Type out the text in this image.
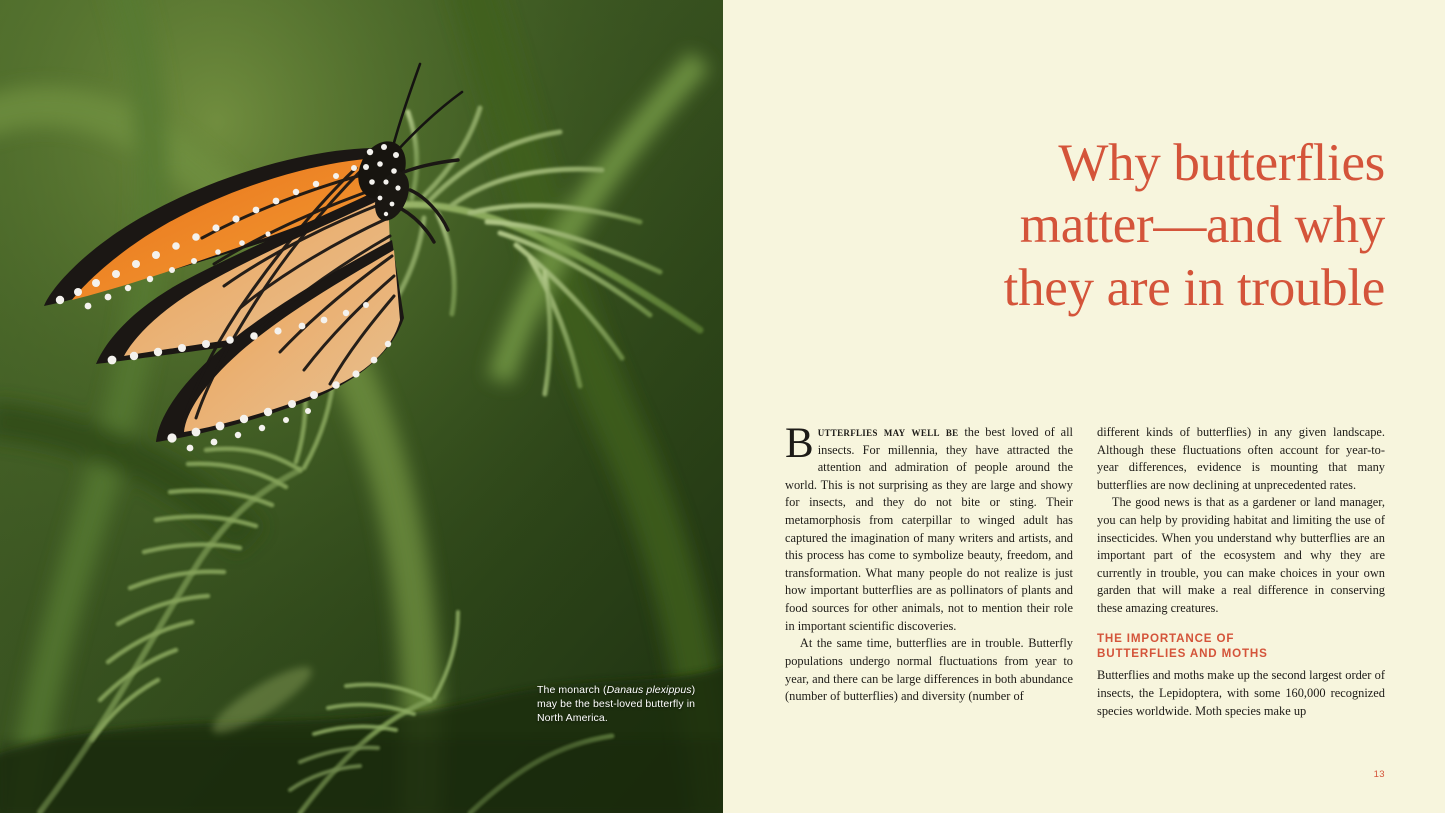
The monarch (Danaus plexippus) may be the best-loved butterfly in North America.
Why butterflies
matter—and why
they are in trouble

Butterflies may well be the best loved of all insects. For millennia, they have attracted the attention and admiration of people around the world. This is not surprising as they are large and showy for insects, and they do not bite or sting. Their metamorphosis from caterpillar to winged adult has captured the imagination of many writers and artists, and this process has come to symbolize beauty, freedom, and transformation. What many people do not realize is just how important butterflies are as pollinators of plants and food sources for other animals, not to mention their role in important scientific discoveries.

At the same time, butterflies are in trouble. Butterfly populations undergo normal fluctuations from year to year, and there can be large differences in both abundance (number of butterflies) and diversity (number of

different kinds of butterflies) in any given landscape. Although these fluctuations often account for year-to-year differences, evidence is mounting that many butterflies are now declining at unprecedented rates.

The good news is that as a gardener or land manager, you can help by providing habitat and limiting the use of insecticides. When you understand why butterflies are an important part of the ecosystem and why they are currently in trouble, you can make choices in your own garden that will make a real difference in conserving these amazing creatures.

THE IMPORTANCE OF
BUTTERFLIES AND MOTHS

Butterflies and moths make up the second largest order of insects, the Lepidoptera, with some 160,000 recognized species worldwide. Moth species make up

13
